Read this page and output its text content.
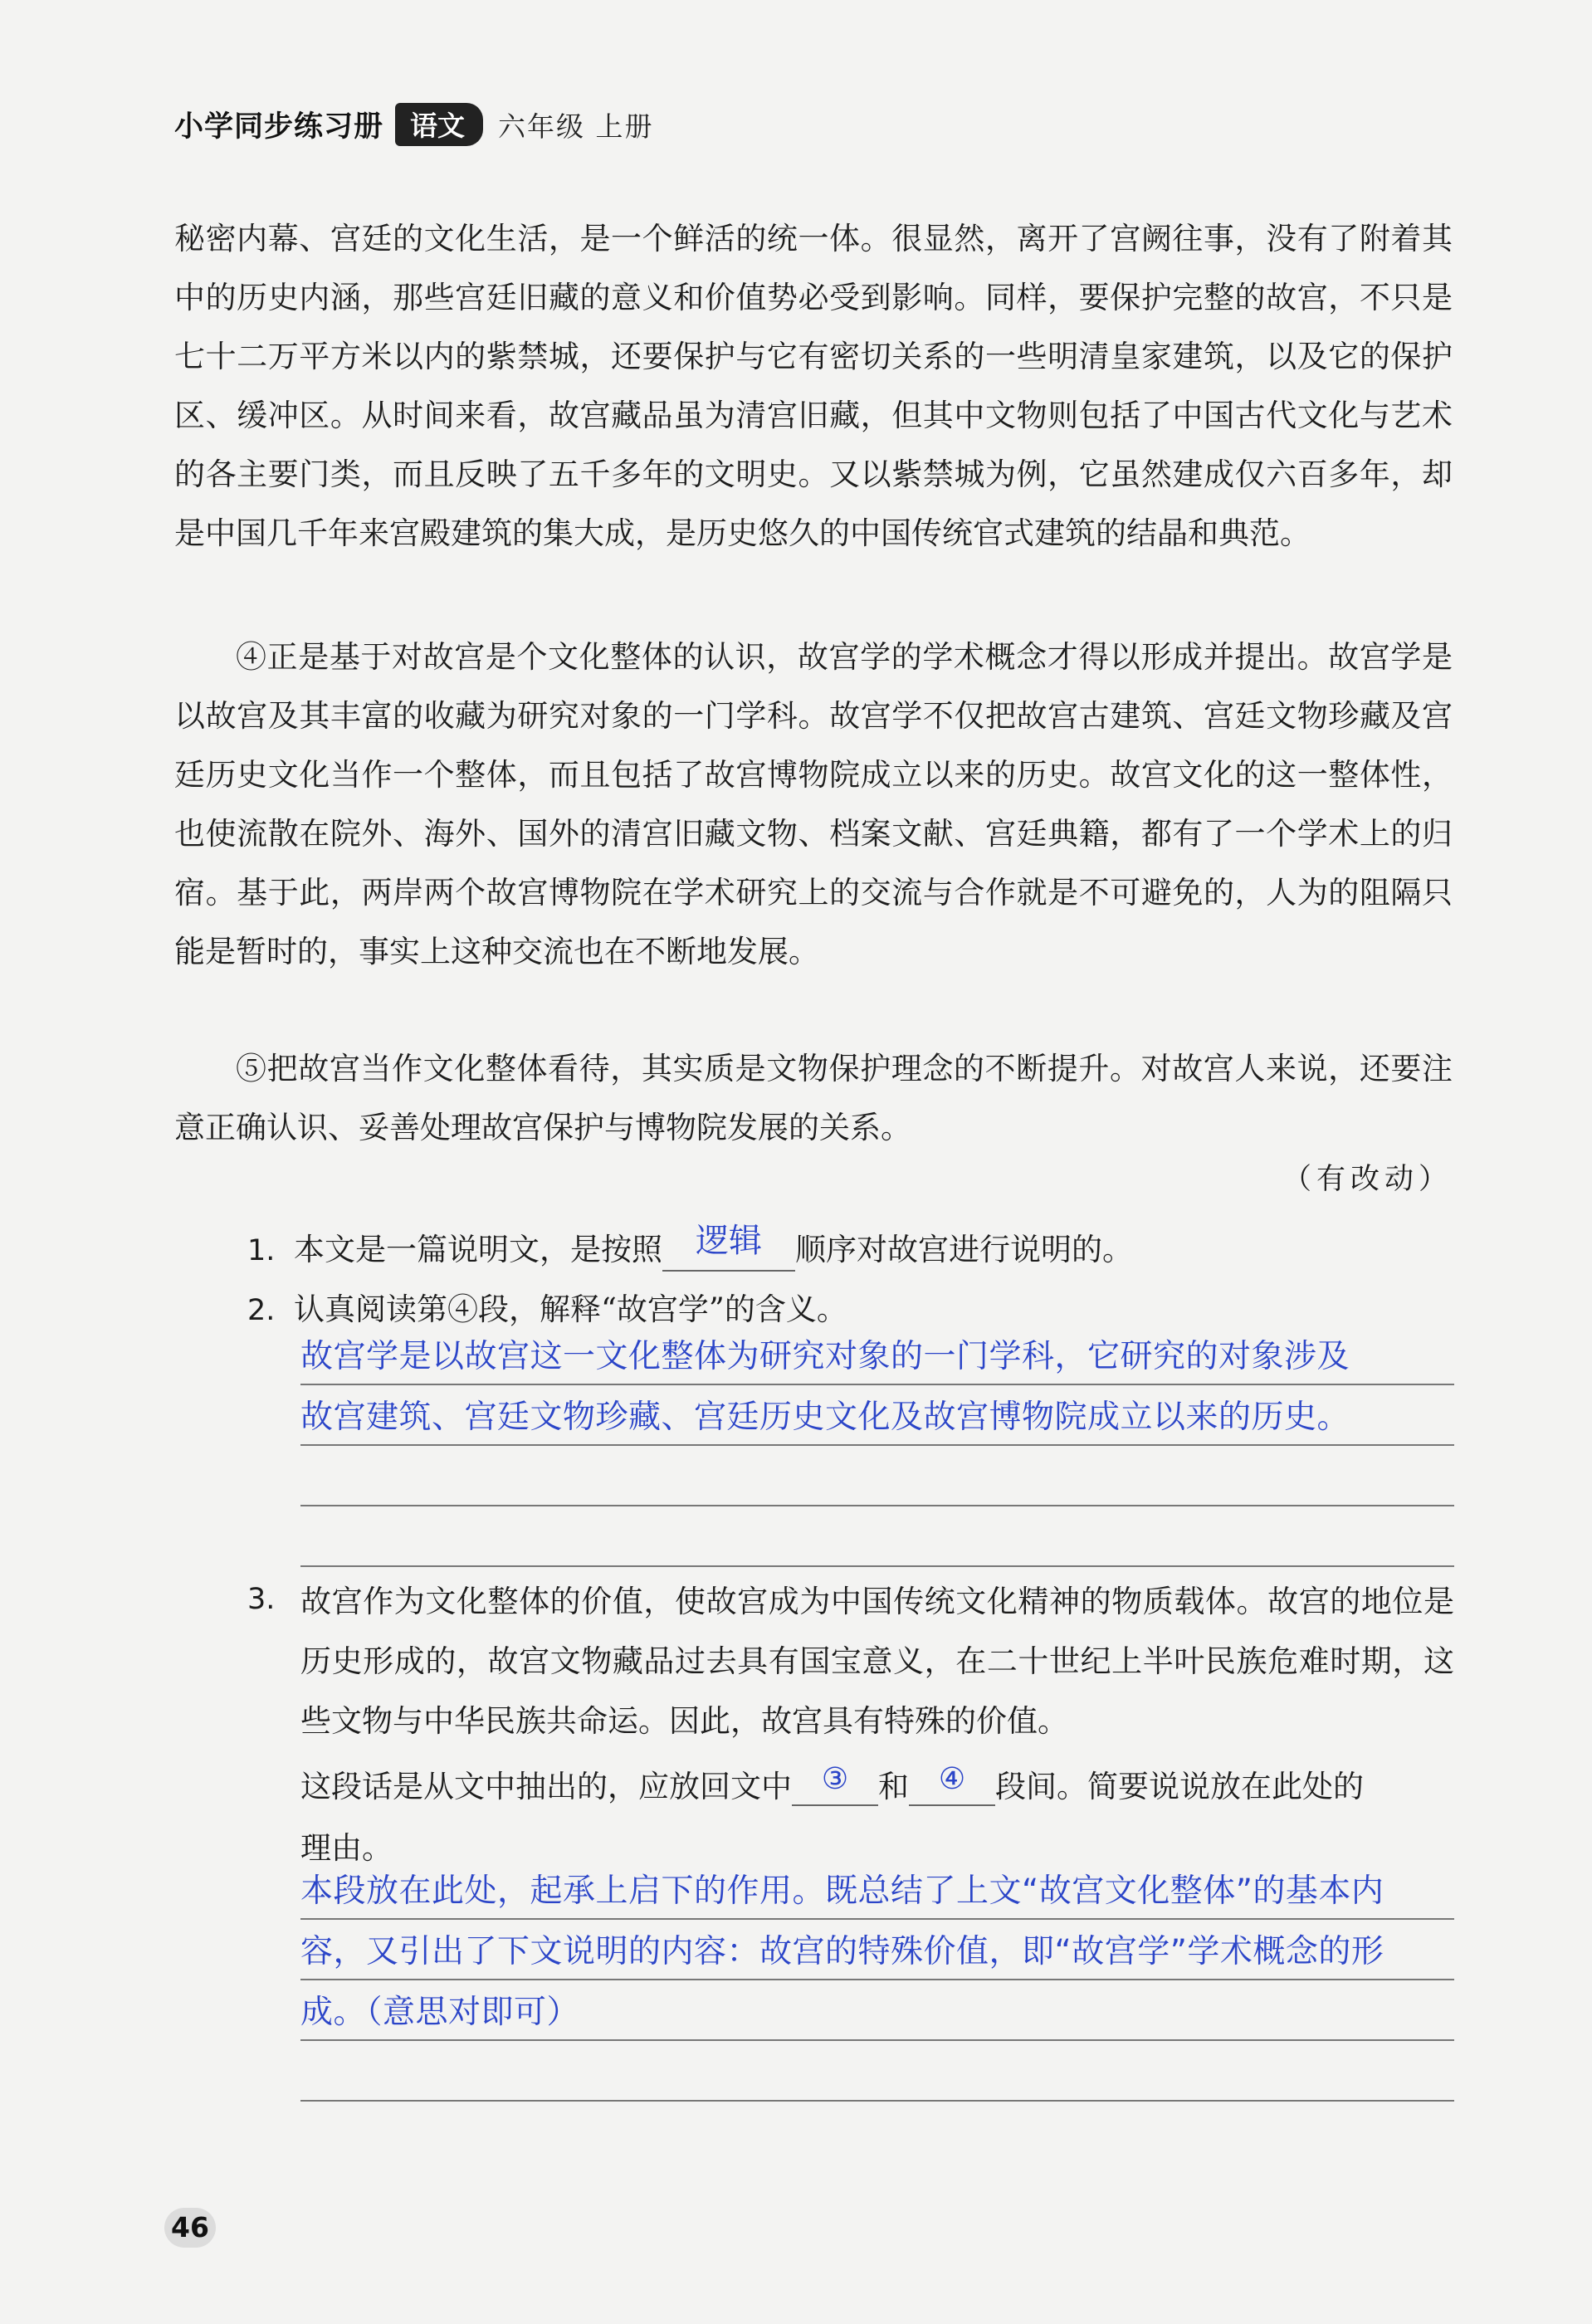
小学同步练习册 语文	六年级 上册
秘密内幕、宫廷的文化生活，是一个鲜活的统一体。很显然，离开了宫阙往事，没有了附着其中的历史内涵，那些宫廷旧藏的意义和价值势必受到影响。同样，要保护完整的故宫，不只是七十二万平方米以内的紫禁城，还要保护与它有密切关系的一些明清皇家建筑，以及它的保护区、缓冲区。从时间来看，故宫藏品虽为清宫旧藏，但其中文物则包括了中国古代文化与艺术的各主要门类，而且反映了五千多年的文明史。又以紫禁城为例，它虽然建成仅六百多年，却是中国几千年来宫殿建筑的集大成，是历史悠久的中国传统官式建筑的结晶和典范。
④正是基于对故宫是个文化整体的认识，故宫学的学术概念才得以形成并提出。故宫学是以故宫及其丰富的收藏为研究对象的一门学科。故宫学不仅把故宫古建筑、宫廷文物珍藏及宫廷历史文化当作一个整体，而且包括了故宫博物院成立以来的历史。故宫文化的这一整体性，也使流散在院外、海外、国外的清宫旧藏文物、档案文献、宫廷典籍，都有了一个学术上的归宿。基于此，两岸两个故宫博物院在学术研究上的交流与合作就是不可避免的，人为的阻隔只能是暂时的，事实上这种交流也在不断地发展。
⑤把故宫当作文化整体看待，其实质是文物保护理念的不断提升。对故宫人来说，还要注意正确认识、妥善处理故宫保护与博物院发展的关系。
（有改动）
1. 本文是一篇说明文，是按照 逻辑 顺序对故宫进行说明的。
2. 认真阅读第④段，解释“故宫学”的含义。
故宫学是以故宫这一文化整体为研究对象的一门学科，它研究的对象涉及
故宫建筑、宫廷文物珍藏、宫廷历史文化及故宫博物院成立以来的历史。
3. 故宫作为文化整体的价值，使故宫成为中国传统文化精神的物质载体。故宫的地位是历史形成的，故宫文物藏品过去具有国宝意义，在二十世纪上半叶民族危难时期，这些文物与中华民族共命运。因此，故宫具有特殊的价值。
这段话是从文中抽出的，应放回文中 ③ 和 ④ 段间。简要说说放在此处的
理由。
本段放在此处，起承上启下的作用。既总结了上文“故宫文化整体”的基本内
容，又引出了下文说明的内容：故宫的特殊价值，即“故宫学”学术概念的形
成。（意思对即可）
46
